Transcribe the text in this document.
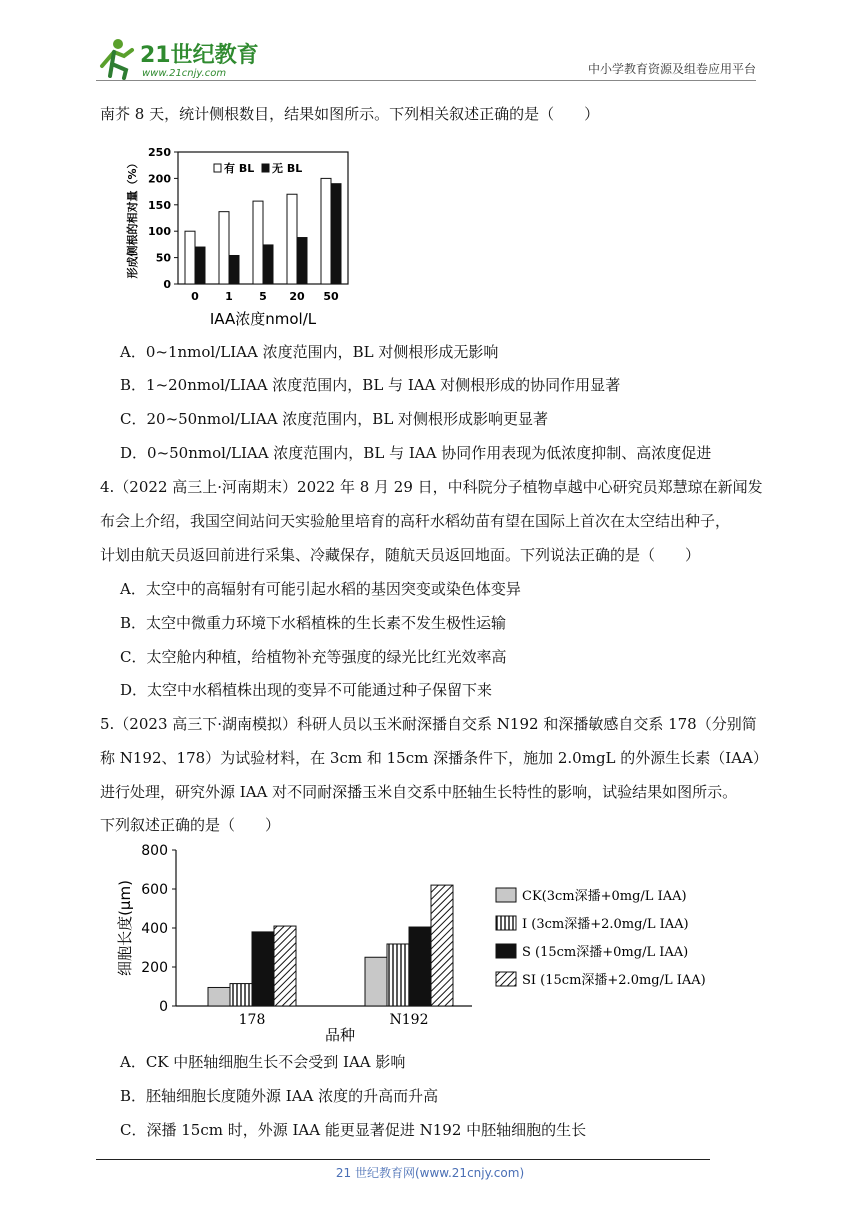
21世纪教育
www.21cnjy.com	中小学教育资源及组卷应用平台
南芥 8 天，统计侧根数目，结果如图所示。下列相关叙述正确的是（　　）
0
50
100
150
200
250
0 1 5 20 50
有 BL 无 BL
IAA浓度nmol/L
形成侧根的相对量（%）
A．0~1nmol/LIAA 浓度范围内，BL 对侧根形成无影响
B．1~20nmol/LIAA 浓度范围内，BL 与 IAA 对侧根形成的协同作用显著
C．20~50nmol/LIAA 浓度范围内，BL 对侧根形成影响更显著
D．0~50nmol/LIAA 浓度范围内，BL 与 IAA 协同作用表现为低浓度抑制、高浓度促进
4.（2022 高三上·河南期末）2022 年 8 月 29 日，中科院分子植物卓越中心研究员郑慧琼在新闻发
布会上介绍，我国空间站问天实验舱里培育的高秆水稻幼苗有望在国际上首次在太空结出种子，
计划由航天员返回前进行采集、冷藏保存，随航天员返回地面。下列说法正确的是（　　）
A．太空中的高辐射有可能引起水稻的基因突变或染色体变异
B．太空中微重力环境下水稻植株的生长素不发生极性运输
C．太空舱内种植，给植物补充等强度的绿光比红光效率高
D．太空中水稻植株出现的变异不可能通过种子保留下来
5.（2023 高三下·湖南模拟）科研人员以玉米耐深播自交系 N192 和深播敏感自交系 178（分别简
称 N192、178）为试验材料，在 3cm 和 15cm 深播条件下，施加 2.0mgL 的外源生长素（IAA）
进行处理，研究外源 IAA 对不同耐深播玉米自交系中胚轴生长特性的影响，试验结果如图所示。
下列叙述正确的是（　　）
0
200
400
600
800
178	N192
品种
细胞长度(μm)	CK(3cm深播+0mg/L IAA)
I (3cm深播+2.0mg/L IAA)
S (15cm深播+0mg/L IAA)
SI (15cm深播+2.0mg/L IAA)
A．CK 中胚轴细胞生长不会受到 IAA 影响
B．胚轴细胞长度随外源 IAA 浓度的升高而升高
C．深播 15cm 时，外源 IAA 能更显著促进 N192 中胚轴细胞的生长
21 世纪教育网(www.21cnjy.com)
